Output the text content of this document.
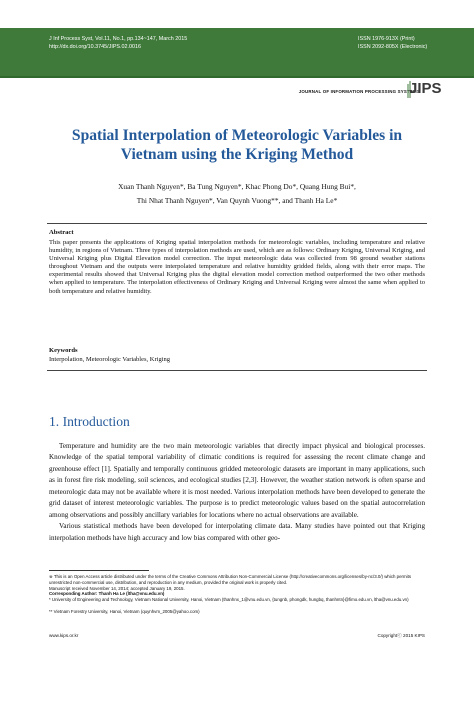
J Inf Process Syst, Vol.11, No.1, pp.134~147, March 2015
http://dx.doi.org/10.3745/JIPS.02.0016
ISSN 1976-913X (Print)
ISSN 2092-805X (Electronic)
JOURNAL OF INFORMATION PROCESSING SYSTEMS
JIPS
Spatial Interpolation of Meteorologic Variables in
Vietnam using the Kriging Method
Xuan Thanh Nguyen*, Ba Tung Nguyen*, Khac Phong Do*, Quang Hung Bui*,
Thi Nhat Thanh Nguyen*, Van Quynh Vuong**, and Thanh Ha Le*
Abstract
This paper presents the applications of Kriging spatial interpolation methods for meteorologic variables, including temperature and relative humidity, in regions of Vietnam. Three types of interpolation methods are used, which are as follows: Ordinary Kriging, Universal Kriging, and Universal Kriging plus Digital Elevation model correction. The input meteorologic data was collected from 98 ground weather stations throughout Vietnam and the outputs were interpolated temperature and relative humidity gridded fields, along with their error maps. The experimental results showed that Universal Kriging plus the digital elevation model correction method outperformed the two other methods when applied to temperature. The interpolation effectiveness of Ordinary Kriging and Universal Kriging were almost the same when applied to both temperature and relative humidity.
Keywords
Interpolation, Meteorologic Variables, Kriging
1. Introduction

Temperature and humidity are the two main meteorologic variables that directly impact physical and biological processes. Knowledge of the spatial temporal variability of climatic conditions is required for assessing the recent climate change and greenhouse effect [1]. Spatially and temporally continuous gridded meteorologic datasets are important in many applications, such as in forest fire risk modeling, soil sciences, and ecological studies [2,3]. However, the weather station network is often sparse and meteorologic data may not be available where it is most needed. Various interpolation methods have been developed to generate the grid dataset of interest meteorologic variables. The purpose is to predict meteorologic values based on the spatial autocorrelation among observations and possibly ancillary variables for locations where no actual observations are available.

Various statistical methods have been developed for interpolating climate data. Many studies have pointed out that Kriging interpolation methods have high accuracy and low bias compared with other geo-

※ This is an Open Access article distributed under the terms of the Creative Commons Attribution Non-Commercial License (http://creativecommons.org/licenses/by-nc/3.0/) which permits unrestricted non-commercial use, distribution, and reproduction in any medium, provided the original work is properly cited.
Manuscript received November 14, 2014; accepted January 19, 2015.
Corresponding Author: Thanh Ha Le (ltha@vnu.edu.vn)
* University of Engineering and Technology, Vietnam National University, Hanoi, Vietnam (thanhnx_1@vnu.edu.vn, {tungnb, phongdk, hungbq, thanhntn}@fimo.edu.vn, ltha@vnu.edu.vn)
** Vietnam Forestry University, Hanoi, Vietnam (quynhvm_2005@yahoo.com)
www.kips.or.kr	Copyrightⓒ 2015 KIPS
